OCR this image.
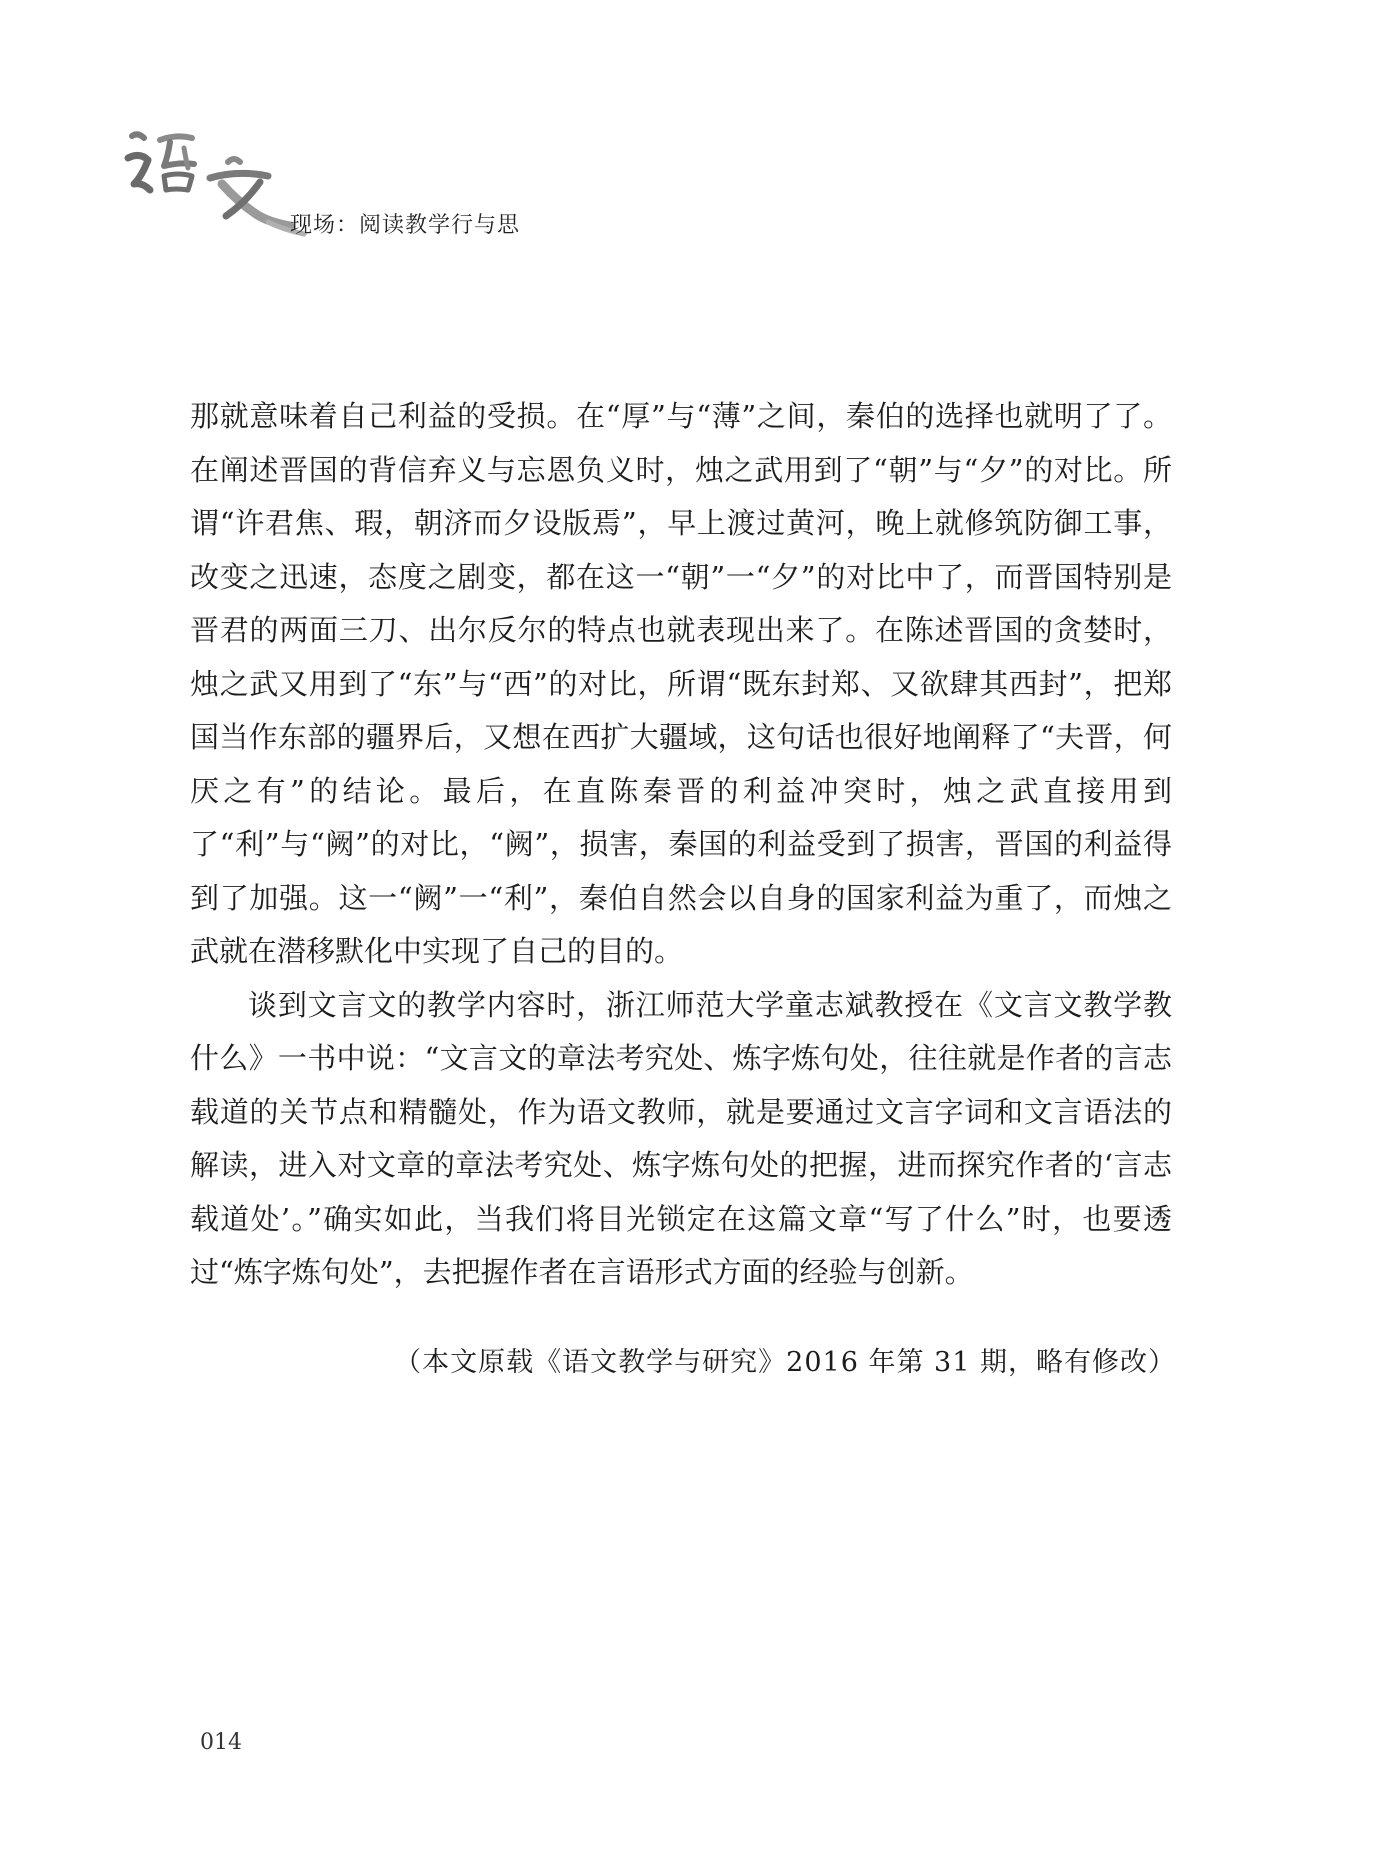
现场：阅读教学行与思

那就意味着自己利益的受损。在“厚”与“薄”之间，秦伯的选择也就明了了。在阐述晋国的背信弃义与忘恩负义时，烛之武用到了“朝”与“夕”的对比。所谓“许君焦、瑕，朝济而夕设版焉”，早上渡过黄河，晚上就修筑防御工事，改变之迅速，态度之剧变，都在这一“朝”一“夕”的对比中了，而晋国特别是晋君的两面三刀、出尔反尔的特点也就表现出来了。在陈述晋国的贪婪时，烛之武又用到了“东”与“西”的对比，所谓“既东封郑、又欲肆其西封”，把郑国当作东部的疆界后，又想在西扩大疆域，这句话也很好地阐释了“夫晋，何厌之有”的结论。最后，在直陈秦晋的利益冲突时，烛之武直接用到了“利”与“阙”的对比，“阙”，损害，秦国的利益受到了损害，晋国的利益得到了加强。这一“阙”一“利”，秦伯自然会以自身的国家利益为重了，而烛之武就在潜移默化中实现了自己的目的。

谈到文言文的教学内容时，浙江师范大学童志斌教授在《文言文教学教什么》一书中说：“文言文的章法考究处、炼字炼句处，往往就是作者的言志载道的关节点和精髓处，作为语文教师，就是要通过文言字词和文言语法的解读，进入对文章的章法考究处、炼字炼句处的把握，进而探究作者的‘言志载道处’。”确实如此，当我们将目光锁定在这篇文章“写了什么”时，也要透过“炼字炼句处”，去把握作者在言语形式方面的经验与创新。

（本文原载《语文教学与研究》2016 年第 31 期，略有修改）
014
